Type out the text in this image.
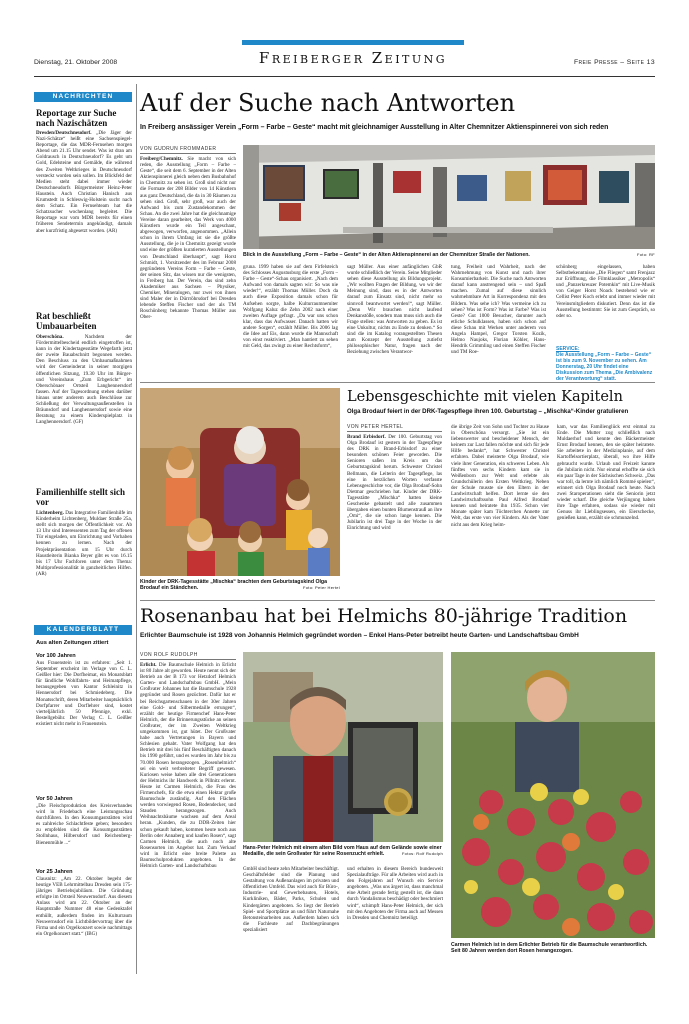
Dienstag, 21. Oktober 2008	Freiberger Zeitung	Freie Presse – Seite 13
NACHRICHTEN
Reportage zur Suche nach Nazischätzen
Dresden/Deutschneudorf. „Die Jäger der Nazi-Schätze“ heißt eine Sachsenspiegel-Reportage, die das MDR-Fernsehen morgen Abend um 21.15 Uhr sendet. Was ist dran am Goldrausch in Deutschneudorf? Es geht um Gold, Edelsteine und Gemälde, die während des Zweiten Weltkrieges in Deutschneudorf versteckt worden sein sollen. Im Blickfeld der Medien steht dabei immer wieder Deutschneudorfs Bürgermeister Heinz-Peter Haustein. Auch Christian Hanisch aus Krumstedt in Schleswig-Holstein sucht nach dem Schatz. Ein Fernsehteam hat die Schatzsucher wochenlang begleitet. Die Reportage war vom MDR bereits für einen früheren Sendetermin angekündigt, damals aber kurzfristig abgesetzt worden. (AR)
Rat beschließt Umbauarbeiten
Oberschöna.	Nachdem der Fördermittelbescheid endlich eingetroffen ist, kann in der Kindertagesstätte Wegefarth jetzt der zweite Bauabschnitt begonnen werden. Den Beschluss zu den Umbaumaßnahmen wird der Gemeinderat in seiner morgigen öffentlichen Sitzung, 19.30 Uhr im Bürger- und Vereinshaus „Zum Erbgericht“ im Oberschönaer Ortsteil Langhennersdorf fassen. Auf der Tagesordnung stehen darüber hinaus unter anderem auch Beschlüsse zur Schließung der Verwaltungsaußenstellen in Bräunsdorf und Langhennersdorf sowie eine Beratung zu einem Kinderspielplatz in Langhennersdorf. (GF)
Familienhilfe stellt sich vor
Lichtenberg. Das Integrative Familienhilfe im Kinderheim Lichtenberg, Muldaer Straße 25a, stellt sich morgen der Öffentlichkeit vor. Ab 13 Uhr sind Interessenten zum Tag der offenen Tür eingeladen, um Einrichtung und Vorhaben kennen zu lernen. Nach der Projektpräsentation um 15 Uhr durch Haustleiterin Bianka Beyer gibt es von 16.15 bis 17 Uhr Fachforen unter dem Thema: Multiprofessionalität in ganzheitlichen Hilfen. (AR)
KALENDERBLATT
Aus alten Zeitungen zitiert
Vor 100 Jahren
Aus Frauenstein ist zu erfahren: „Seit 1. September erscheint im Verlage von C. L. Geißler hier: Die Dorfheimat, ein Monatsblatt für ländliche Wohlfahrts- und Heimatpflege, herausgegeben von Kantor Schleinitz in Hennersdorf bei Schmiedeberg. Die Monatsschrift, deren Mitarbeiter hauptsächlich Dorfpfarrer und Dorflehrer sind, kostet vierteljährlich 50 Pfennige, exkl. Bestellgebühr. Der Verlag C. L. Geißler existiert nicht mehr in Frauenstein.
Vor 50 Jahren
„Die Fleischproduktion des Kreisverbandes wird in Friedebach eine Leistungsschau durchführen. In den Konsumgaststätten wird es zahlreiche Schlachtfeste geben; besonders zu empfehlen sind die Konsumgaststätten Stollnhaus, Hilbersdorf und Reichenberg-Bienenmühle ...“
Vor 25 Jahren
Clausnitz: „Am 22. Oktober begeht der heutige VEB Lehrmittelbau Dresden sein 175-jähriges Betriebsjubiläum. Die Gründung erfolgte im Ortsteil Neuwernsdorf. Aus diesem Anlass wird am 22. Oktober an der Hauptstraße Nummer 48 eine Gedenktafel enthüllt, außerdem finden im Kulturraum Neuwernsdorf ein Lichtbildervortrag über die Firma und ein Orgelkonzert sowie nachmittags ein Orgelkonzert statt.“ (IBG)
Auf der Suche nach Antworten
In Freiberg ansässiger Verein „Form – Farbe – Geste“ macht mit gleichnamiger Ausstellung in Alter Chemnitzer Aktienspinnerei von sich reden
VON GUDRUN FROMMADER
Freiberg/Chemnitz. Sie macht von sich reden, die Ausstellung „Form – Farbe – Geste“, die seit dem 6. September in der Alten Aktienspinnerei gleich neben dem Busbahnhof in Chemnitz zu sehen ist. Groß sind nicht nur die Formate der 208 Bilder von 14 Künstlern aus ganz Deutschland, die da in 30 Räumen zu sehen sind. Groß, sehr groß, war auch der Aufwand bis zum Zustandekommen der Schau. An die zwei Jahre hat die gleichnamige Vereine daran gearbeitet, das Werk von 4000 Künstlern wurde ein Teil angeschaut, abgewogen, verworfen, angenommen. „Allein schon in ihrem Umfang ist sie die größte Ausstellung, die je in Chemnitz gezeigt wurde und eine der größten kuratierten Ausstellungen von Deutschland überhaupt“, sagt Horst Schmidt, 1. Vorsitzender des im Februar 2008 gegründeten Vereins Form – Farbe – Geste, der seinen Sitz, das wissen nur die wenigsten, in Freiberg hat. Der Verein, das sind zehn Akademiker aus Sachsen – Physiker, Chemiker, Mineralogen, nur zwei von ihnen sind Maler der in Dürrröhrsdorf bei Dresden lebende Steffen Fischer und der als TM Roschönberg bekannte Thomas Müller aus Ober-
Blick in die Ausstellung „Form – Farbe – Geste“ in der Alten Aktienspinnerei an der Chemnitzer Straße der Nationen.	Foto: RF
gruna. 1999 haben sie auf dem Firfelsteich des Schlosses Augustusburg die erste „Form – Farbe – Geste“-Schau organisiert. „Nach dem Aufwand von damals sagten wir: So was nie wieder!“, erzählt Thomas Müller. Doch da auch diese Exposition damals schon für Aufsehen sorgte, halbe Kulturraumnemiter Wolfgang Kaluz die Zehn 2002 nach einer zweiten Auflage gefragt. „Da war uns schon klar, dass das Aufwasser. Danach hatten wir andere Sorgen“, erzählt Müller. Bis 2006 lag die Idee auf Eis, dann wurde die Mannschaft von einst reaktiviert. „Man hantiert zu sehen mit Geld, das zwingt zu einer Rechtsform“,
sagt Müller. Aus einer anfänglichen GbR wurde schließlich der Verein. Seine Mitglieder sehen diese Ausstellung als Bildungsprojekt. „Wir wollten Fragen der Bildung, wo wir der Meinung sind, dass es in der Antworten darauf zum Einsatz sind, nicht mehr so sinnvoll beantwortet werden!“, sagt Müller. „Denn Wir brauchen nicht laufend Denkanstöße, sondern man muss sich auch die Frage stellen: was Antworten zu geben. Es ist eine Unkultur, nichts zu Ende zu denken.“ So sind die im Katalog vorangestellten Thesen zum Konzept der Ausstellung zutiefst philosophischer Natur, fragen nach der Beziehung zwischen Verantwor-
tung, Freiheit und Wahrheit, nach der Wahrnehmung von Kunst und nach ihrer Konsumierbarkeit. Die Suche nach Antworten darauf kann anstrengend sein – und Spaß machen. Zumal auf diese sinnlich wahrnehmbare Art in Korrespondenz mit den Bildern. Was sehe ich? Was vermeine ich zu sehen? Was ist Form? Was ist Farbe? Was ist Geste? Gut 1000 Besucher, darunter auch etliche Schulklassen, haben sich schon auf diese Schau mit Werken unter anderem von Angela Hampel, Gregor Torsten Kozik, Helmo Naujoks, Florian Köhler, Hans-Hendrik Grimmling und einen Steffen Fischer und TM Roe-
schönberg eingelassen, haben Selbstbekenntnisse „Die Fliegen“ samt Frenjazz zur Eröffnung, die Filmklassiker „Metropolis“ und „Panzerkreuzer Potemkin“ mit Live-Musik von Geiger Horst Noack bestehend wie er Cellist Peter Koch erlebt und immer wieder mit Vereinsmitgliedern diskutiert. Denn das ist die Ausstellung bestimmt: Sie ist zum Gespräch, so oder so.
SERVICE:
Die Ausstellung „Form – Farbe – Geste“ ist bis zum 9. November zu sehen. Am Donnerstag, 20 Uhr findet eine Diskussion zum Thema „Die Ambivalenz der Verantwortung“ statt.
Kinder der DRK-Tagesstätte „Mischka“ brachten dem Geburtstagskind Olga Brodauf ein Ständchen.	Foto: Peter Hertel
Lebensgeschichte mit vielen Kapiteln
Olga Brodauf feiert in der DRK-Tagespflege ihren 100. Geburtstag – „Mischka“-Kinder gratulieren
VON PETER HERTEL
Brand Erbisdorf. Der 100. Geburtstag von Olga Brodauf ist gestern in der Tagespflege des DRK in Brand-Erbisdorf zu einer besonders schönen Feier geworden. Die Senioren saßen im Kreis um das Geburtstagskind herum. Schwester Christel Bellmann, die Leiterin der Tagespflege, las eine in herzlichen Worten verfasste Lebensgeschichte vor, die Olga Brodauf-Sohn Dietmar geschrieben hat. Kinder der DRK-Tagesstätte „Mischka“ hatten kleine Geschenke gebastelt und alle zusammen übergaben einen bunten Blumenstrauß an ihre „Omi“, die sie schon lange kennen. Die Jubilarin ist drei Tage in der Woche in der Einrichtung und wird
die übrige Zeit von Sohn und Tochter zu Hause in Oberschöna versorgt. „Sie ist ein liebenswerter und bescheidener Mensch, der keinem zur Last fallen möchte und sich für jede Hilfe bedankt“, hat Schwester Christel erfahren. Dabei meisterte Olga Brodauf, wie viele ihrer Generation, ein schweres Leben. Als fünftes von sechs Kindern kam sie in Weißenborn zur Welt und erlebte als Grundschülerin den Ersten Weltkrieg. Neben der Schule musste sie den Eltern in der Landwirtschaft helfen. Dort lernte sie den Landwirtschaftssohn Paul Alfred Brodauf kennen und heiratete ihn 1935. Schon vier Monate später kam Töchterchen Annette zur Welt, das erste von vier Kindern. Als der Vater nicht aus dem Krieg heim-
kam, war das Familienglück erst einmal zu Ende. Die Mutter zog schließlich nach Muldaerhof und kennte den Bäckermeister Ernst Brodauf kennen, den sie später heiratete. Sie arbeitete in der Medizinplanie, auf dem Kartoffelsortierplatz, überall, wo ihre Hilfe gebraucht wurde. Urlaub und Freizeit kannte die Jubilarin nicht. Nur einmal erhoffte sie sich ein paar Tage in der Sächsischen Schweiz. „Das war toll, da lernte ich nämlich Rommé spielen“, erinnert sich Olga Brodauf noch heute. Nach zwei Staroperationen sieht die Seniorin jetzt wieder scharf. Die gleiche Verjüngung haben ihre Tage erfahren, sodass sie wieder mit Genuss ihr Lieblingsessen, ein Eierschecke, genießen kann, erzählt sie schmunzelnd.
Rosenanbau hat bei Helmichs 80-jährige Tradition
Erlichter Baumschule ist 1928 von Johannis Helmich gegründet worden – Enkel Hans-Peter betreibt heute Garten- und Landschaftsbau GmbH
VON ROLF RUDOLPH
Erlicht. Die Baumschule Helmich in Erlicht ist 80 Jahre alt geworden. Heute nennt sich der Betrieb an der B 173 vor Hetzdorf Helmich Garten- und Landschaftsbau GmbH. „Mein Großvater Johannes hat die Baumschule 1928 gegründet und Rosen gezüchtet. Dafür hat er bei Reichsgartenschauen in der 30er Jahren eine Gold- und Silbermedaille errungen“, erzählt der heutige Firmenchef Hans-Peter Helmich, der die Brinnerungsstücke an seinen Großvater, der im Zweiten Weltkrieg umgekommen ist, gut hütet. Der Großvater habe auch Vertretungen in Bayern und Schlesien gehabt. Vater Wolfgang hat den Betrieb mit drei bis fünf Beschäftigten danach bis 1990 geführt, und es wurden im Jahr bis zu 70.000 Rosen herangezogen. „Rosenhelmich“ sei ein weit verbreiteter Begriff gewesen. Kuriosen weise haben alle drei Generationen der Helmichs ihr Handwerk in Pillnitz erlernt. Heute ist Carmen Helmich, die Frau des Firmenchefs, für die etwa einen Hektar große Baumschule zuständig. Auf den Flächen werden vorwiegend Rosen, Bodendecker, und Stauden herangezogen. Auch Weihnachtsbäume wachsen auf dem Areal heran. „Kunden, die zu DDR-Zeiten hier schon gekauft haben, kommen heute noch aus Berlin oder Annaberg und kaufen Rosen“, sagt Carmen Helmich, die auch noch alte Rosensorten im Angebot hat. Zum Verkauf wird in Erlicht eine breite Palette an Baumschulprodukten angeboten. In der Helmich Garten- und Landschaftsbau
Hans-Peter Helmich mit einem alten Bild vom Haus auf dem Gelände sowie einer Medaille, die sein Großvater für seine Rosenzucht erhielt.	Fotos: Rolf Rudolph
Carmen Helmich ist in dem Erlichter Betrieb für die Baumschule verantwortlich. Seit 80 Jahren werden dort Rosen herangezogen.
GmbH sind heute zehn Mitarbeiter beschäftigt. Geschäftsfelder sind die Planung und Gestaltung von Außenanlagen im privaten und öffentlichen Umfeld. Das wird auch für Büro-, Industrie- und Gewerbebauten, Hotels, Kurkliniken, Bäder, Parks, Schulen und Kindergärten angeboten. So liegt der Betrieb Spiel- und Sportplätze an und führt Naturnahe Betonsteinarbeiten aus. Außerdem haben sich die Fachleute auf Dachbegrünungen spezialisiert
und erhalten in diesem Bereich bundesweit Spezialaufträge. Für alle Arbeiten wird auch in den Folgejahren auf Wunsch ein Service angeboten. „Was uns ärgert ist, dass manchmal eine Arbeit gerade fertig gestellt ist, die dann durch Vandalismus beschädigt oder beschmiert wird“, schimpft Hans-Peter Helmich, der sich mit den Angeboten der Firma auch auf Messen in Dresden und Chemnitz beteiligt.
